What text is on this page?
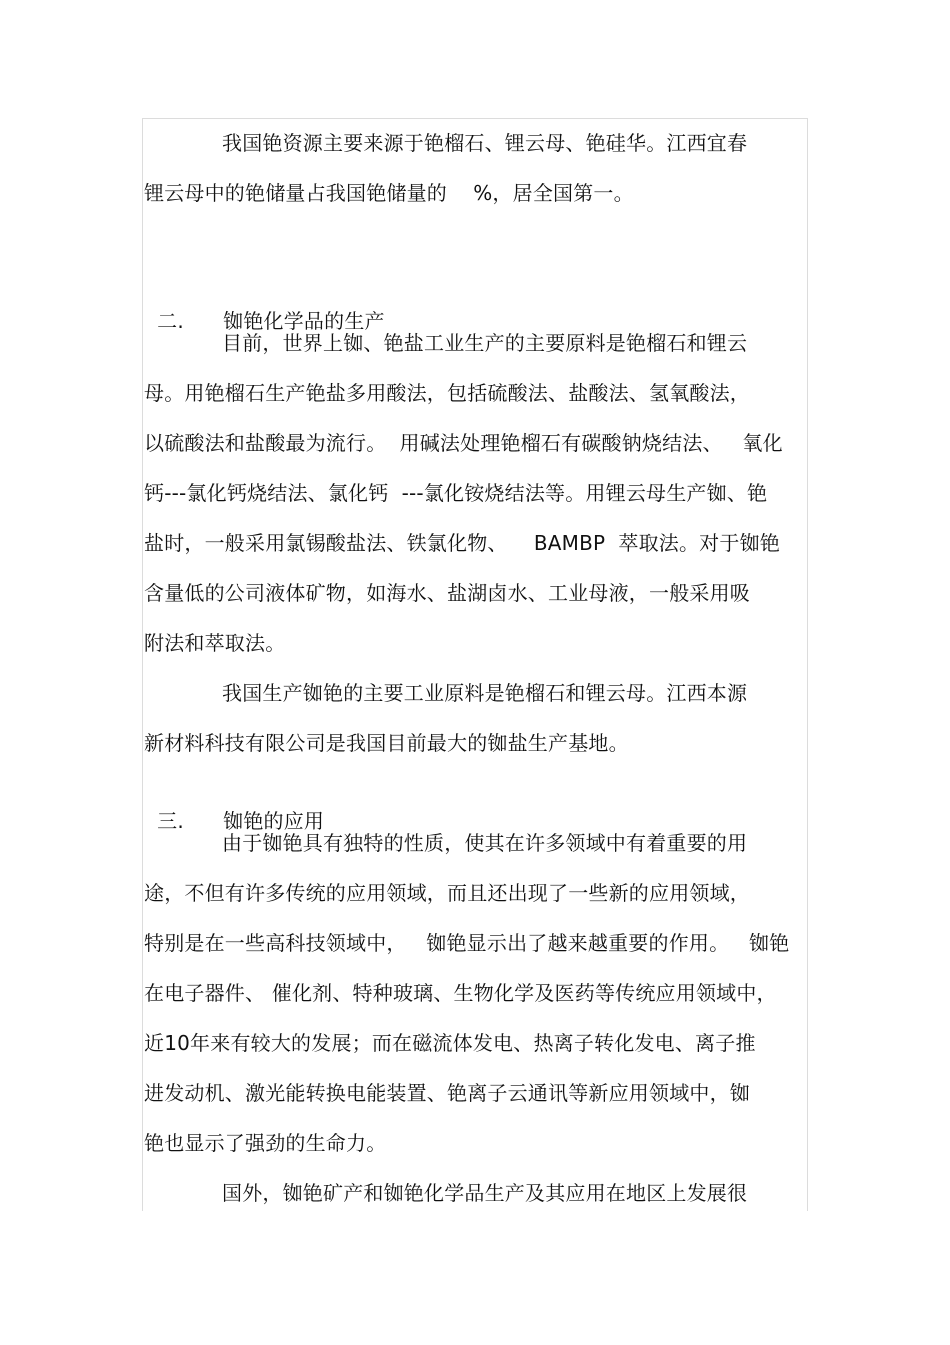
我国铯资源主要来源于铯榴石、锂云母、铯硅华。江西宜春
锂云母中的铯储量占我国铯储量的    %，居全国第一。

二. 铷铯化学品的生产

目前，世界上铷、铯盐工业生产的主要原料是铯榴石和锂云
母。用铯榴石生产铯盐多用酸法，包括硫酸法、盐酸法、氢氧酸法，
以硫酸法和盐酸最为流行。  用碱法处理铯榴石有碳酸钠烧结法、   氧化
钙---氯化钙烧结法、氯化钙  ---氯化铵烧结法等。用锂云母生产铷、铯
盐时，一般采用氯锡酸盐法、铁氯化物、    BAMBP  萃取法。对于铷铯
含量低的公司液体矿物，如海水、盐湖卤水、工业母液，一般采用吸
附法和萃取法。
我国生产铷铯的主要工业原料是铯榴石和锂云母。江西本源
新材料科技有限公司是我国目前最大的铷盐生产基地。

三. 铷铯的应用

由于铷铯具有独特的性质，使其在许多领域中有着重要的用
途，不但有许多传统的应用领域，而且还出现了一些新的应用领域，
特别是在一些高科技领域中，   铷铯显示出了越来越重要的作用。   铷铯
在电子器件、 催化剂、特种玻璃、生物化学及医药等传统应用领域中，
近10年来有较大的发展；而在磁流体发电、热离子转化发电、离子推
进发动机、激光能转换电能装置、铯离子云通讯等新应用领域中，铷
铯也显示了强劲的生命力。
国外，铷铯矿产和铷铯化学品生产及其应用在地区上发展很
